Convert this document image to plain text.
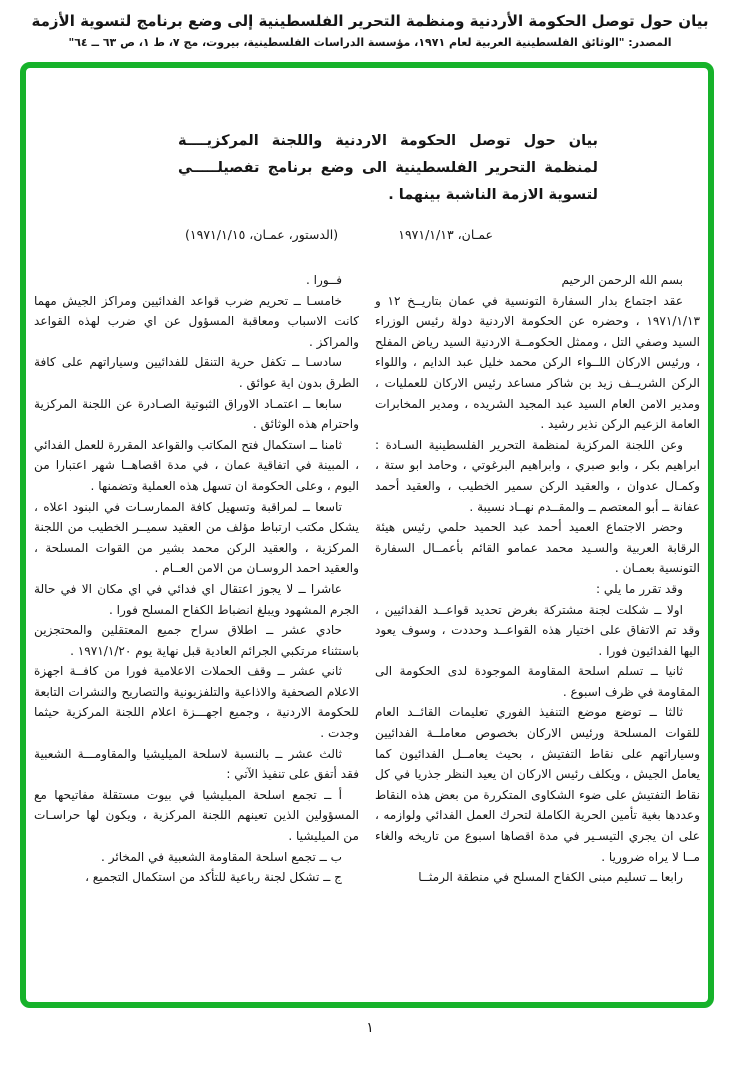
بيان حول توصل الحكومة الأردنية ومنظمة التحرير الفلسطينية إلى وضع برنامج لتسوية الأزمة
المصدر: "الوثائق الفلسطينية العربية لعام ١٩٧١، مؤسسة الدراسات الفلسطينية، بيروت، مج ٧، ط ١، ص ٦٣ ــ ٦٤"
بيان حول توصل الحكومة الاردنية واللجنة المركزيــــة
لمنظمة التحرير الفلسطينية الى وضع برنامج تفصيلـــــي
لتسوية الازمة الناشبة بينهما .
عمـان، ١٩٧١/١/١٣
(الدستور، عمـان، ١٩٧١/١/١٥)

بسم الله الرحمن الرحيم

عقد اجتماع بدار السفارة التونسية في عمان بتاريــخ ١٢ و ١٩٧١/١/١٣ ، وحضره عن الحكومة الاردنية دولة رئيس الوزراء السيد وصفي التل ، وممثل الحكومــة الاردنية السيد رياض المفلح ، ورئيس الاركان اللــواء الركن محمد خليل عبد الدايم ، واللواء الركن الشريــف زيد بن شاكر مساعد رئيس الاركان للعمليات ، ومدير الامن العام السيد عبد المجيد الشريده ، ومدير المخابرات العامة الزعيم الركن نذير رشيد .

وعن اللجنة المركزية لمنظمة التحرير الفلسطينية السـادة : ابراهيم بكر ، وابو صبري ، وابراهيم البرغوتي ، وحامد ابو ستة ، وكمـال عدوان ، والعقيد الركن سمير الخطيب ، والعقيد أحمد عفانة ــ أبو المعتصم ــ والمقــدم نهــاد نسيبة .

وحضر الاجتماع العميد أحمد عبد الحميد حلمي رئيس هيئة الرقابة العربية والسـيد محمد عمامو القائم بأعمــال السفارة التونسية بعمـان .

وقد تقرر ما يلي :

اولا ــ شكلت لجنة مشتركة بغرض تحديد قواعــد الفدائيين ، وقد تم الاتفاق على اختيار هذه القواعــد وحددت ، وسوف يعود اليها الفدائيون فورا .

ثانيا ــ تسلم اسلحة المقاومة الموجودة لدى الحكومة الى المقاومة في ظرف اسبوع .

ثالثا ــ توضع موضع التنفيذ الفوري تعليمات القائــد العام للقوات المسلحة ورئيس الاركان بخصوص معاملــة الفدائيين وسياراتهم على نقاط التفتيش ، بحيث يعامــل الفدائيون كما يعامل الجيش ، ويكلف رئيس الاركان ان يعيد النظر جذريا في كل نقاط التفتيش على ضوء الشكاوى المتكررة من بعض هذه النقاط وعددها بغية تأمين الحرية الكاملة لتحرك العمل الفدائي ولوازمه ، على ان يجري التيسـير في مدة اقصاها اسبوع من تاريخه والغاء مــا لا يراه ضروريا .

رابعا ــ تسليم مبنى الكفاح المسلح في منطقة الرمثــا

فــورا .

خامسـا ــ تحريم ضرب قواعد الفدائيين ومراكز الجيش مهما كانت الاسباب ومعاقبة المسؤول عن اي ضرب لهذه القواعد والمراكز .

سادسـا ــ تكفل حرية التنقل للفدائيين وسياراتهم على كافة الطرق بدون اية عوائق .

سابعا ــ اعتمـاد الاوراق الثبوتية الصـادرة عن اللجنة المركزية واحترام هذه الوثائق .

ثامنا ــ استكمال فتح المكاتب والقواعد المقررة للعمل الفدائي ، المبينة في اتفاقية عمان ، في مدة اقصاهــا شهر اعتبارا من اليوم ، وعلى الحكومة ان تسهل هذه العملية وتضمنها .

تاسعا ــ لمراقبة وتسهيل كافة الممارسـات في البنود اعلاه ، يشكل مكتب ارتباط مؤلف من العقيد سميــر الخطيب من اللجنة المركزية ، والعقيد الركن محمد بشير من القوات المسلحة ، والعقيد احمد الروسـان من الامن العــام .

عاشرا ــ لا يجوز اعتقال اي فدائي في اي مكان الا في حالة الجرم المشهود ويبلغ انضباط الكفاح المسلح فورا .

حادي عشر ــ اطلاق سراح جميع المعتقلين والمحتجزين باستثناء مرتكبي الجرائم العادية قبل نهاية يوم ١٩٧١/١/٢٠ .

ثاني عشر ــ وقف الحملات الاعلامية فورا من كافــة اجهزة الاعلام الصحفية والاذاعية والتلفزيونية والتصاريح والنشرات التابعة للحكومة الاردنية ، وجميع اجهـــزة اعلام اللجنة المركزية حيثما وجدت .

ثالث عشر ــ بالنسبة لاسلحة الميليشيا والمقاومـــة الشعبية فقد أتفق على تنفيذ الآتي :

أ ــ تجمع اسلحة الميليشيا في بيوت مستقلة مفاتيحها مع المسؤولين الذين تعينهم اللجنة المركزية ، ويكون لها حراسـات من الميليشيا .

ب ــ تجمع اسلحة المقاومة الشعبية في المخائر .

ج ــ تشكل لجنة رباعية للتأكد من استكمال التجميع ،

١
